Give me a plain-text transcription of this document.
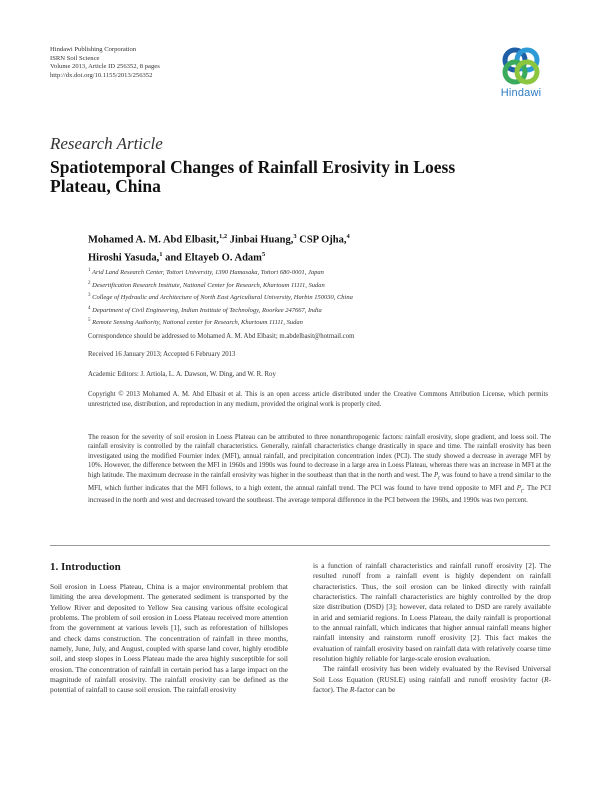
Hindawi Publishing Corporation
ISRN Soil Science
Volume 2013, Article ID 256352, 8 pages
http://dx.doi.org/10.1155/2013/256352
Hindawi
Research Article
Spatiotemporal Changes of Rainfall Erosivity in Loess Plateau, China
Mohamed A. M. Abd Elbasit,$^{1,2}$ Jinbai Huang,$^3$ CSP Ojha,$^4$
Hiroshi Yasuda,$^1$ and Eltayeb O. Adam$^5$
$^1$ Arid Land Research Center, Tottori University, 1390 Hamasaka, Tottori 680-0001, Japan
$^2$ Desertification Research Institute, National Center for Research, Khartoum 11111, Sudan
$^3$ College of Hydraulic and Architecture of North East Agricultural University, Harbin 150030, China
$^4$ Department of Civil Engineering, Indian Institute of Technology, Roorkee 247667, India
$^5$ Remote Sensing Authority, National center for Research, Khartoum 11111, Sudan
Correspondence should be addressed to Mohamed A. M. Abd Elbasit; m.abdelbasit@hotmail.com
Received 16 January 2013; Accepted 6 February 2013
Academic Editors: J. Artiola, L. A. Dawson, W. Ding, and W. R. Roy
Copyright © 2013 Mohamed A. M. Abd Elbasit et al. This is an open access article distributed under the Creative Commons Attribution License, which permits unrestricted use, distribution, and reproduction in any medium, provided the original work is properly cited.
The reason for the severity of soil erosion in Loess Plateau can be attributed to three nonanthropogenic factors: rainfall erosivity, slope gradient, and loess soil. The rainfall erosivity is controlled by the rainfall characteristics. Generally, rainfall characteristics change drastically in space and time. The rainfall erosivity has been investigated using the modified Fournier index (MFI), annual rainfall, and precipitation concentration index (PCI). The study showed a decrease in average MFI by 10%. However, the difference between the MFI in 1960s and 1990s was found to decrease in a large area in Loess Plateau, whereas there was an increase in MFI at the high latitude. The maximum decrease in the rainfall erosivity was higher in the southeast than that in the north and west. The $P_r$ was found to have a trend similar to the MFI, which further indicates that the MFI follows, to a high extent, the annual rainfall trend. The PCI was found to have trend opposite to MFI and $P_r$. The PCI increased in the north and west and decreased toward the southeast. The average temporal difference in the PCI between the 1960s, and 1990s was two percent.
1. Introduction

Soil erosion in Loess Plateau, China is a major environmental problem that limiting the area development. The generated sediment is transported by the Yellow River and deposited to Yellow Sea causing various offsite ecological problems. The problem of soil erosion in Loess Plateau received more attention from the government at various levels [1], such as reforestation of hillslopes and check dams construction. The concentration of rainfall in three months, namely, June, July, and August, coupled with sparse land cover, highly erodible soil, and steep slopes in Loess Plateau made the area highly susceptible for soil erosion. The concentration of rainfall in certain period has a large impact on the magnitude of rainfall erosivity. The rainfall erosivity can be defined as the potential of rainfall to cause soil erosion. The rainfall erosivity

is a function of rainfall characteristics and rainfall runoff erosivity [2]. The resulted runoff from a rainfall event is highly dependent on rainfall characteristics. Thus, the soil erosion can be linked directly with rainfall characteristics. The rainfall characteristics are highly controlled by the drop size distribution (DSD) [3]; however, data related to DSD are rarely available in arid and semiarid regions. In Loess Plateau, the daily rainfall is proportional to the annual rainfall, which indicates that higher annual rainfall means higher rainfall intensity and rainstorm runoff erosivity [2]. This fact makes the evaluation of rainfall erosivity based on rainfall data with relatively coarse time resolution highly reliable for large-scale erosion evaluation.

The rainfall erosivity has been widely evaluated by the Revised Universal Soil Loss Equation (RUSLE) using rainfall and runoff erosivity factor (R-factor). The R-factor can be
